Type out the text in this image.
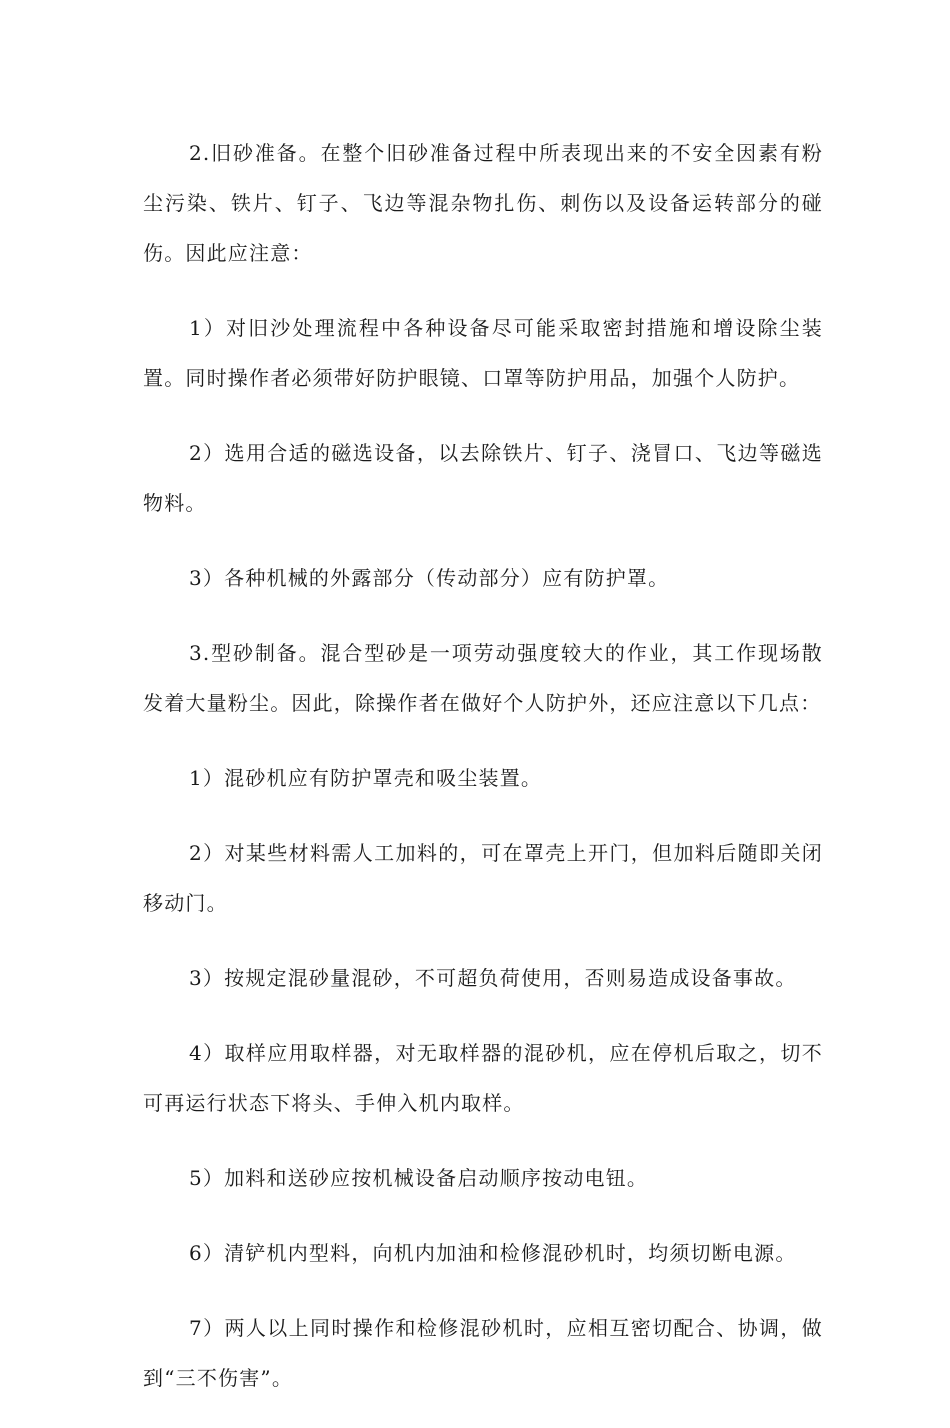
2.旧砂准备。在整个旧砂准备过程中所表现出来的不安全因素有粉尘污染、铁片、钉子、飞边等混杂物扎伤、刺伤以及设备运转部分的碰伤。因此应注意：

1）对旧沙处理流程中各种设备尽可能采取密封措施和增设除尘装置。同时操作者必须带好防护眼镜、口罩等防护用品，加强个人防护。

2）选用合适的磁选设备，以去除铁片、钉子、浇冒口、飞边等磁选物料。

3）各种机械的外露部分（传动部分）应有防护罩。

3.型砂制备。混合型砂是一项劳动强度较大的作业，其工作现场散发着大量粉尘。因此，除操作者在做好个人防护外，还应注意以下几点：

1）混砂机应有防护罩壳和吸尘装置。

2）对某些材料需人工加料的，可在罩壳上开门，但加料后随即关闭移动门。

3）按规定混砂量混砂，不可超负荷使用，否则易造成设备事故。

4）取样应用取样器，对无取样器的混砂机，应在停机后取之，切不可再运行状态下将头、手伸入机内取样。

5）加料和送砂应按机械设备启动顺序按动电钮。

6）清铲机内型料，向机内加油和检修混砂机时，均须切断电源。

7）两人以上同时操作和检修混砂机时，应相互密切配合、协调，做到“三不伤害”。
